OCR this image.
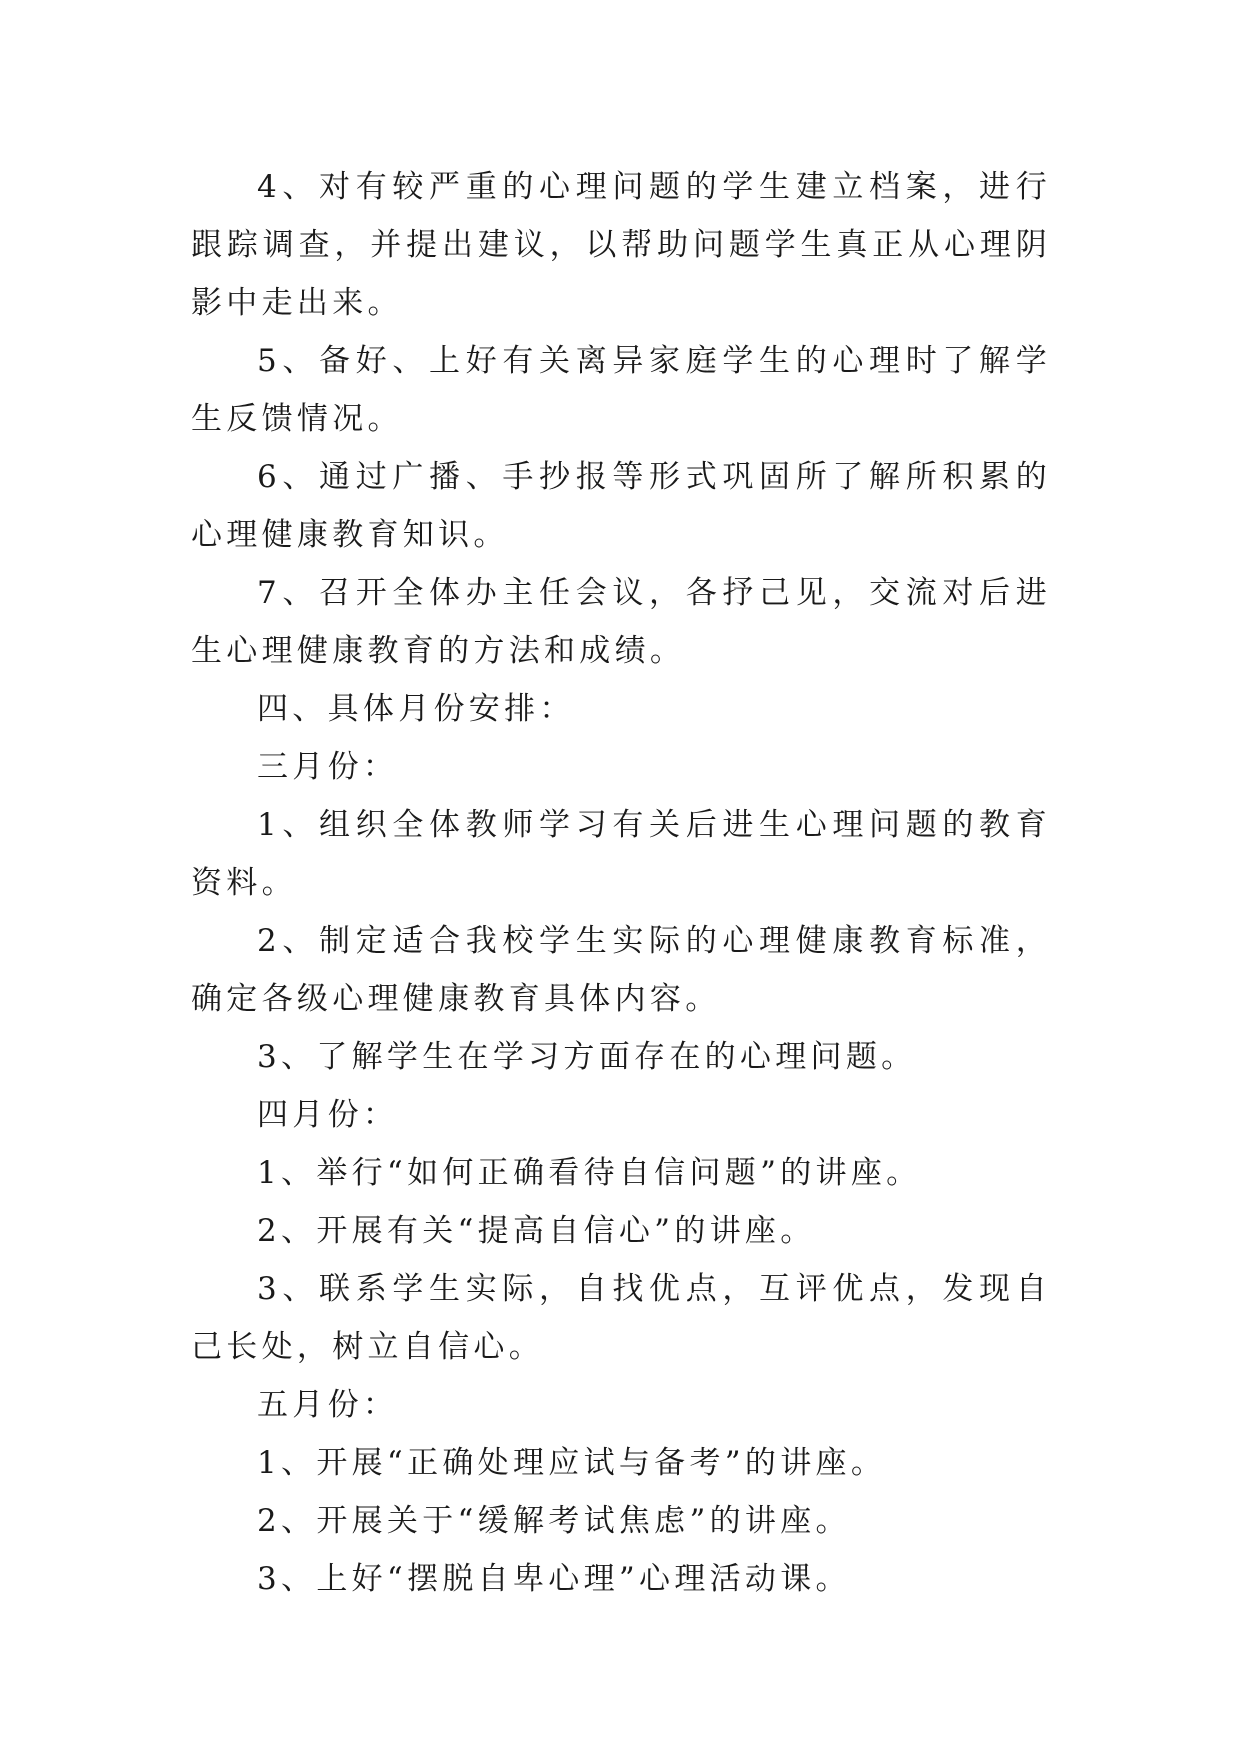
4、对有较严重的心理问题的学生建立档案，进行跟踪调查，并提出建议，以帮助问题学生真正从心理阴影中走出来。

5、备好、上好有关离异家庭学生的心理时了解学生反馈情况。

6、通过广播、手抄报等形式巩固所了解所积累的心理健康教育知识。

7、召开全体办主任会议，各抒己见，交流对后进生心理健康教育的方法和成绩。

四、具体月份安排：

三月份：

1、组织全体教师学习有关后进生心理问题的教育资料。

2、制定适合我校学生实际的心理健康教育标准，确定各级心理健康教育具体内容。

3、了解学生在学习方面存在的心理问题。

四月份：

1、举行“如何正确看待自信问题”的讲座。

2、开展有关“提高自信心”的讲座。

3、联系学生实际，自找优点，互评优点，发现自己长处，树立自信心。

五月份：

1、开展“正确处理应试与备考”的讲座。

2、开展关于“缓解考试焦虑”的讲座。

3、上好“摆脱自卑心理”心理活动课。
